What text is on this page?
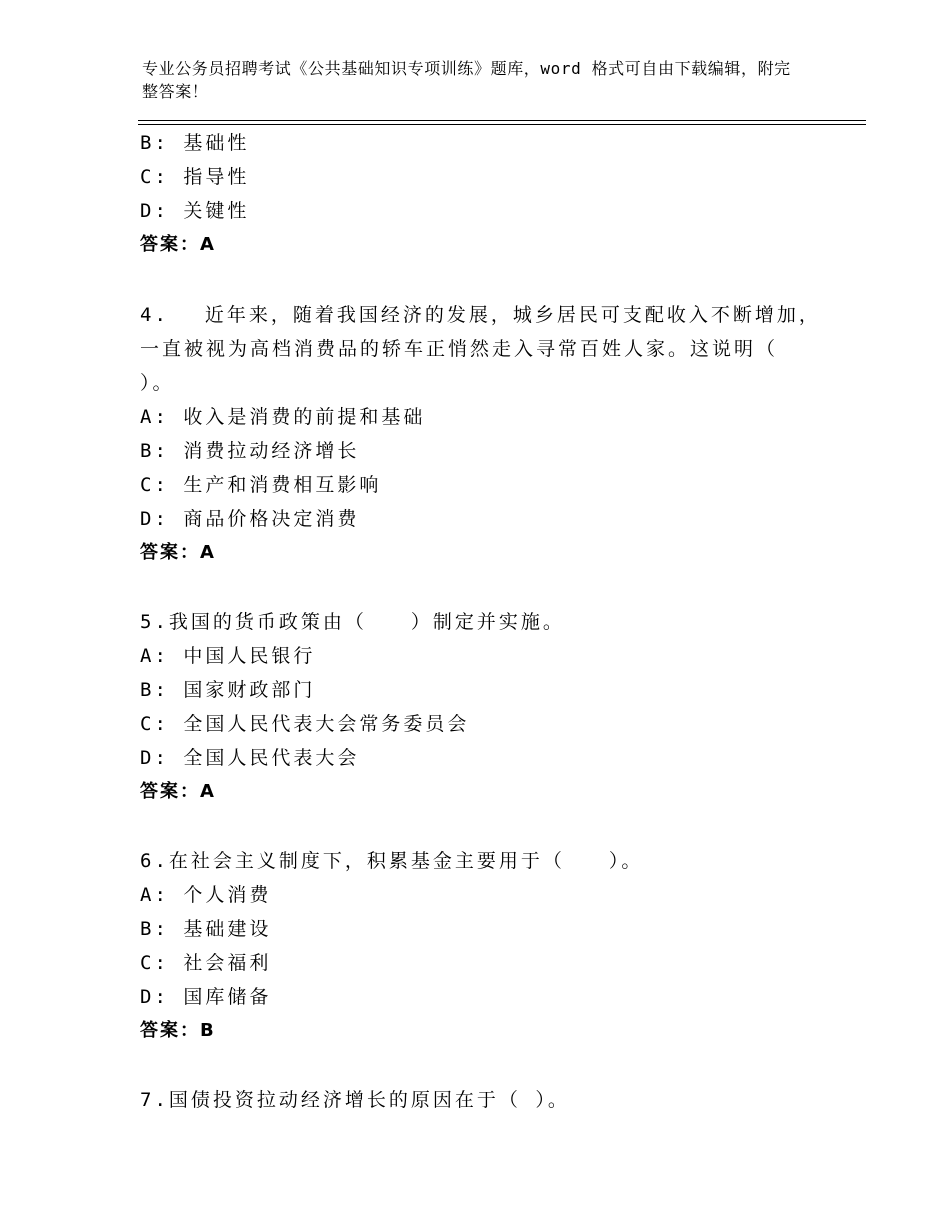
专业公务员招聘考试《公共基础知识专项训练》题库，word 格式可自由下载编辑，附完整答案！
B: 基础性
C: 指导性
D: 关键性
答案：A
4. 近年来，随着我国经济的发展，城乡居民可支配收入不断增加，
一直被视为高档消费品的轿车正悄然走入寻常百姓人家。这说明（
）。
A: 收入是消费的前提和基础
B: 消费拉动经济增长
C: 生产和消费相互影响
D: 商品价格决定消费
答案：A
5.我国的货币政策由（　　）制定并实施。
A: 中国人民银行
B: 国家财政部门
C: 全国人民代表大会常务委员会
D: 全国人民代表大会
答案：A
6.在社会主义制度下，积累基金主要用于（　　）。
A: 个人消费
B: 基础建设
C: 社会福利
D: 国库储备
答案：B
7.国债投资拉动经济增长的原因在于（ ）。
